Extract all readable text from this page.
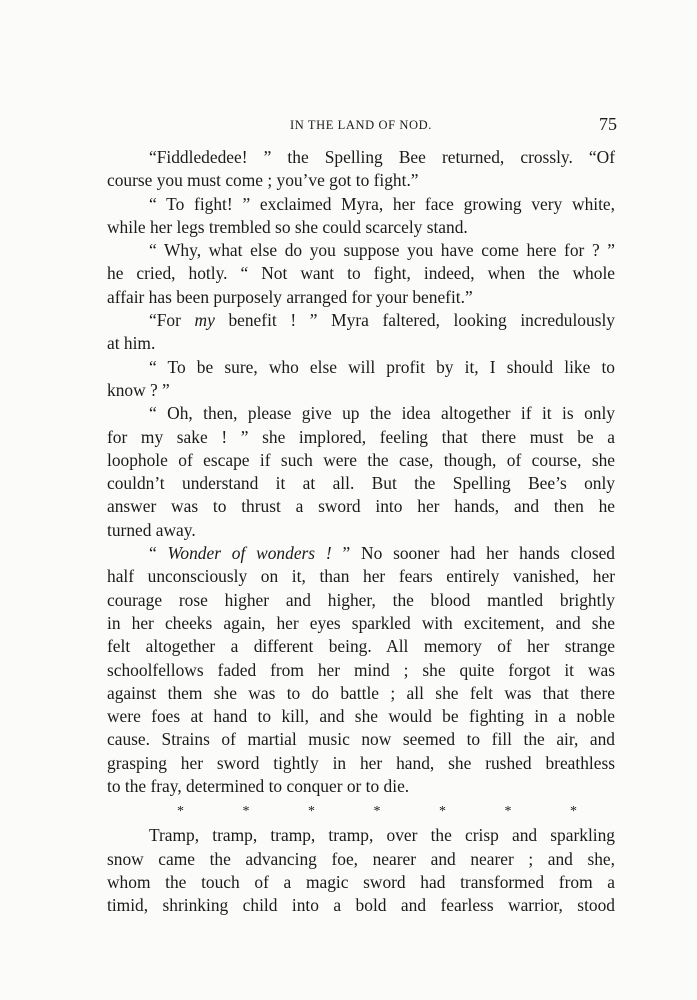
IN THE LAND OF NOD.	75
“Fiddlededee! ” the Spelling Bee returned, crossly. “Of
course you must come ; you’ve got to fight.”
“ To fight! ” exclaimed Myra, her face growing very white,
while her legs trembled so she could scarcely stand.
“ Why, what else do you suppose you have come here for ? ”
he cried, hotly. “ Not want to fight, indeed, when the whole
affair has been purposely arranged for your benefit.”
“For my benefit ! ” Myra faltered, looking incredulously
at him.
“ To be sure, who else will profit by it, I should like to
know ? ”
“ Oh, then, please give up the idea altogether if it is only
for my sake ! ” she implored, feeling that there must be a
loophole of escape if such were the case, though, of course, she
couldn’t understand it at all. But the Spelling Bee’s only
answer was to thrust a sword into her hands, and then he
turned away.
“ Wonder of wonders ! ” No sooner had her hands closed
half unconsciously on it, than her fears entirely vanished, her
courage rose higher and higher, the blood mantled brightly
in her cheeks again, her eyes sparkled with excitement, and she
felt altogether a different being. All memory of her strange
schoolfellows faded from her mind ; she quite forgot it was
against them she was to do battle ; all she felt was that there
were foes at hand to kill, and she would be fighting in a noble
cause. Strains of martial music now seemed to fill the air, and
grasping her sword tightly in her hand, she rushed breathless
to the fray, determined to conquer or to die.
*	*	*	*	*	*	*
Tramp, tramp, tramp, tramp, over the crisp and sparkling
snow came the advancing foe, nearer and nearer ; and she,
whom the touch of a magic sword had transformed from a
timid, shrinking child into a bold and fearless warrior, stood
